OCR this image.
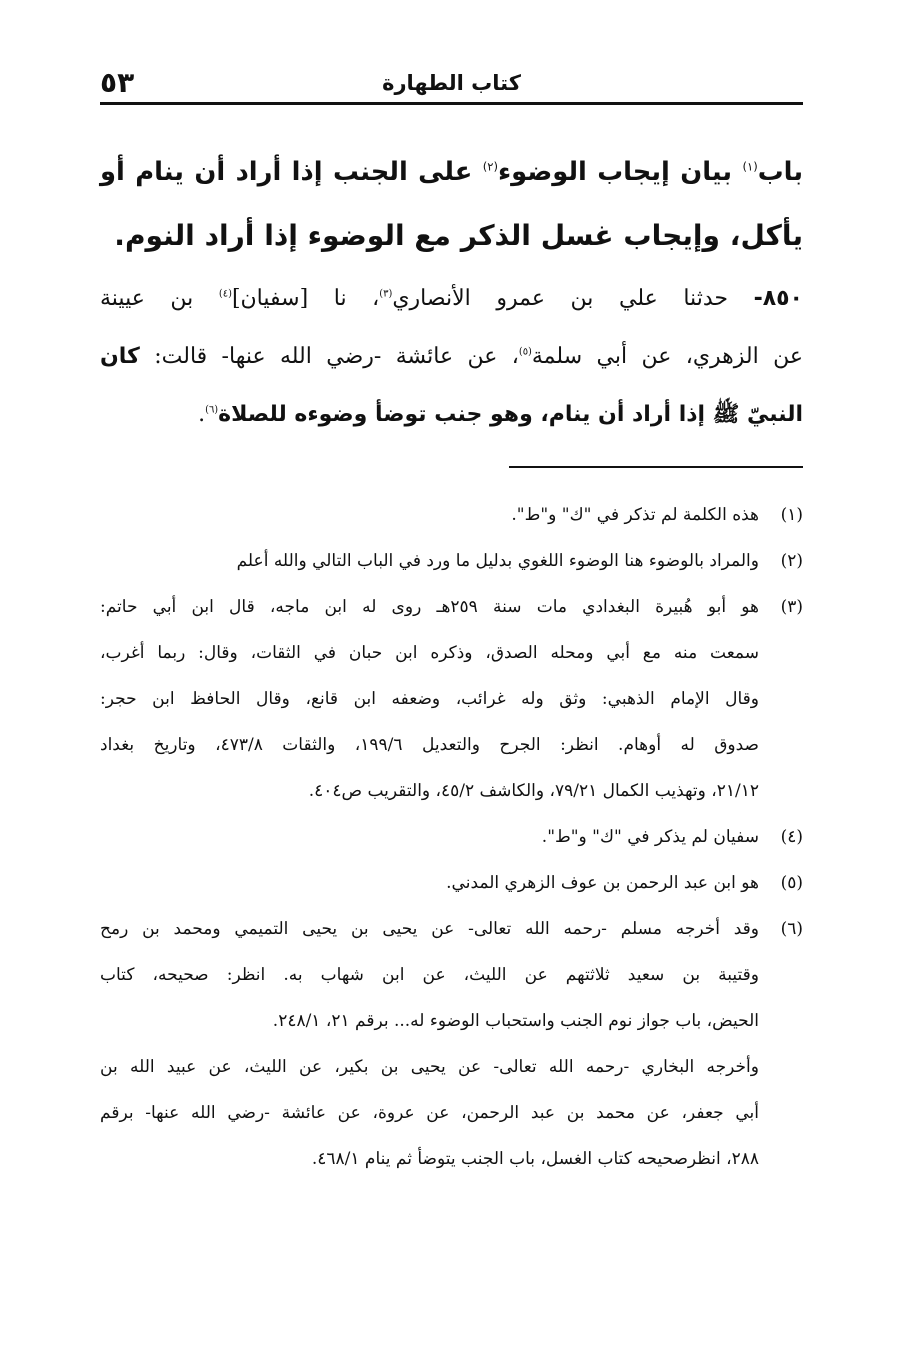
٥٣	كتاب الطهارة
باب$^{(١)}$ بيان إيجاب الوضوء$^{(٢)}$ على الجنب إذا أراد أن ينام أو
يأكل، وإيجاب غسل الذكر مع الوضوء إذا أراد النوم.
٨٥٠- حدثنا علي بن عمرو الأنصاري$^{(٣)}$، نا [سفيان]$^{(٤)}$ بن عيينة
عن الزهري، عن أبي سلمة$^{(٥)}$، عن عائشة -رضي الله عنها- قالت: كان
النبيّ ﷺ إذا أراد أن ينام، وهو جنب توضأ وضوءه للصلاة$^{(٦)}$.
(١)هذه الكلمة لم تذكر في "ك" و"ط".
(٢)والمراد بالوضوء هنا الوضوء اللغوي بدليل ما ورد في الباب التالي والله أعلم
(٣)هو أبو هُبيرة البغدادي مات سنة ٢٥٩هـ روى له ابن ماجه، قال ابن أبي حاتم:
سمعت منه مع أبي ومحله الصدق، وذكره ابن حبان في الثقات، وقال: ربما أغرب،
وقال الإمام الذهبي: وثق وله غرائب، وضعفه ابن قانع، وقال الحافظ ابن حجر:
صدوق له أوهام. انظر: الجرح والتعديل ١٩٩/٦، والثقات ٤٧٣/٨، وتاريخ بغداد
٢١/١٢، وتهذيب الكمال ٧٩/٢١، والكاشف ٤٥/٢، والتقريب ص٤٠٤.
(٤)سفيان لم يذكر في "ك" و"ط".
(٥)هو ابن عبد الرحمن بن عوف الزهري المدني.
(٦)وقد أخرجه مسلم -رحمه الله تعالى- عن يحيى بن يحيى التميمي ومحمد بن رمح
وقتيبة بن سعيد ثلاثتهم عن الليث، عن ابن شهاب به. انظر: صحيحه، كتاب
الحيض، باب جواز نوم الجنب واستحباب الوضوء له... برقم ٢١، ٢٤٨/١.
وأخرجه البخاري -رحمه الله تعالى- عن يحيى بن بكير، عن الليث، عن عبيد الله بن
أبي جعفر، عن محمد بن عبد الرحمن، عن عروة، عن عائشة -رضي الله عنها- برقم
٢٨٨، انظرصحيحه كتاب الغسل، باب الجنب يتوضأ ثم ينام ٤٦٨/١.
